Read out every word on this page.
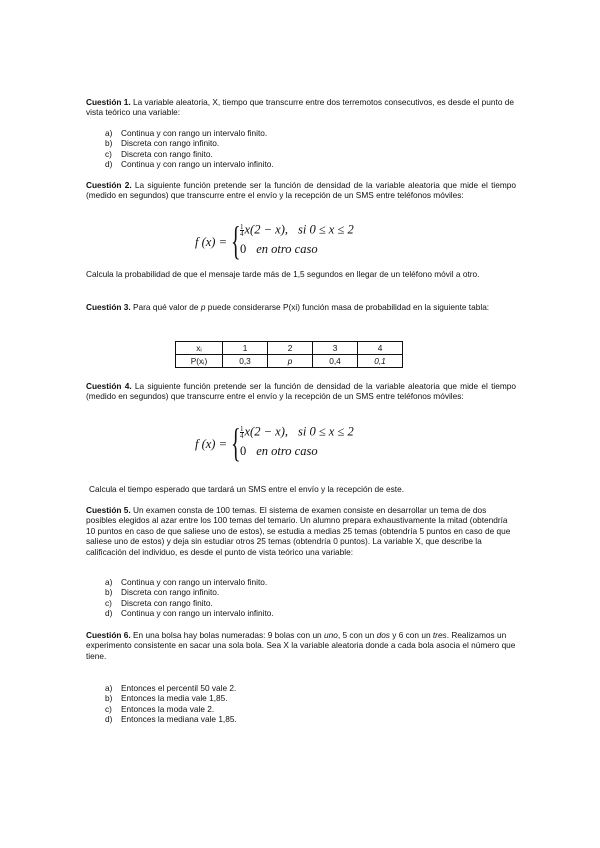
Cuestión 1. La variable aleatoria, X, tiempo que transcurre entre dos terremotos consecutivos, es desde el punto de vista teórico una variable:

a) Continua y con rango un intervalo finito.
b) Discreta con rango infinito.
c) Discreta con rango finito.
d) Continua y con rango un intervalo infinito.

Cuestión 2. La siguiente función pretende ser la función de densidad de la variable aleatoria que mide el tiempo (medido en segundos) que transcurre entre el envío y la recepción de un SMS entre teléfonos móviles:

f (x) = { $\frac{1}{4} x(2 - x)$, si 0 ≤ x ≤ 2
0 en otro caso

Calcula la probabilidad de que el mensaje tarde más de 1,5 segundos en llegar de un teléfono móvil a otro.

Cuestión 3. Para qué valor de p puede considerarse P(xi) función masa de probabilidad en la siguiente tabla:

xᵢ	1	2	3	4
P(xᵢ)	0,3	p	0,4	0,1

Cuestión 4. La siguiente función pretende ser la función de densidad de la variable aleatoria que mide el tiempo (medido en segundos) que transcurre entre el envío y la recepción de un SMS entre teléfonos móviles:

f (x) = { $\frac{1}{4} x(2 - x)$, si 0 ≤ x ≤ 2
0 en otro caso

Calcula el tiempo esperado que tardará un SMS entre el envío y la recepción de este.

Cuestión 5. Un examen consta de 100 temas. El sistema de examen consiste en desarrollar un tema de dos posibles elegidos al azar entre los 100 temas del temario. Un alumno prepara exhaustivamente la mitad (obtendría 10 puntos en caso de que saliese uno de estos), se estudia a medias 25 temas (obtendría 5 puntos en caso de que saliese uno de estos) y deja sin estudiar otros 25 temas (obtendría 0 puntos). La variable X, que describe la calificación del individuo, es desde el punto de vista teórico una variable:

a) Continua y con rango un intervalo finito.
b) Discreta con rango infinito.
c) Discreta con rango finito.
d) Continua y con rango un intervalo infinito.

Cuestión 6. En una bolsa hay bolas numeradas: 9 bolas con un uno, 5 con un dos y 6 con un tres. Realizamos un experimento consistente en sacar una sola bola. Sea X la variable aleatoria donde a cada bola asocia el número que tiene.

a) Entonces el percentil 50 vale 2.
b) Entonces la media vale 1,85.
c) Entonces la moda vale 2.
d) Entonces la mediana vale 1,85.
